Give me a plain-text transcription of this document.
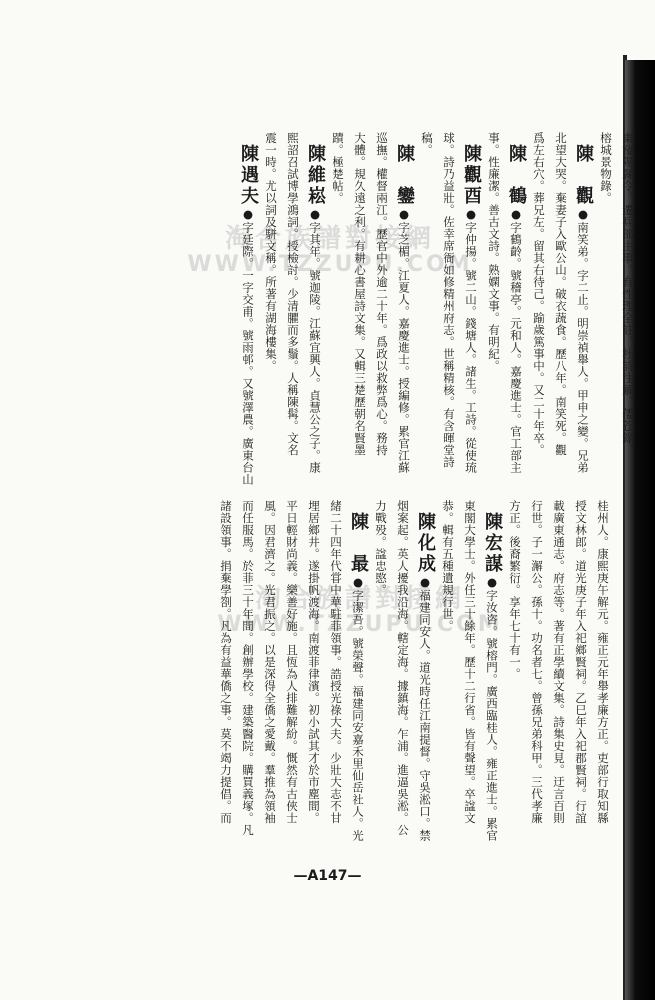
東𥨍陽縣令。遷兵部主事。有性理全註、杜詩注解、倭苍錄、
榕城景物錄。
陳　觀●南笑弟。字二止。明崇禎舉人。甲申之變。兄弟
北望大哭。棄妻子入歐公山。破衣蔬食。歷八年。南笑死。觀
爲左右穴。葬兄左。留其右待己。踰歲篤事中。又二十年卒。
陳　鶴●字鶴齡。號稽亭。元和人。嘉慶進士。官工部主
事。性廉潔。善古文詩。熟嫻文事。有明紀。
陳觀酉●字仲揚。號二山。錢塘人。諸生。工詩。從使琉
球。詩乃益壯。佐幸席衙如修精州府志。世稱精核。有含暉堂詩
稿。
陳　鑾●字芝楣。江夏人。嘉慶進士。授編修。累官江蘇
巡撫。權督兩江。歷官中外逾二十年。爲政以救弊爲心。務持
大體。規久遠之利。有耕心書屋詩文集。又輯三楚歷朝名賢墨
蹟。極楚帖。
陳維崧●字其年。號迦陵。江蘇宜興人。貞慧公之子。康
熙詔召試博學鴻詞。授檢討。少清臞而多鬚。人稱陳髯。文名
震一時。尤以詞及駢文稱。所著有湖海樓集。
陳遇夫●字廷際。一字交甫。號雨邨。又號澤農。廣東台山
桂州人。康熙庚午解元。雍正元年舉孝廉方正。吏部行取知縣
授文林郎。道光庚子年入祀鄉賢祠。乙巳年入祀郡賢祠。行誼
載廣東通志。府志等。著有正學續文集。詩集史見。迂言百則
行世。子一澥公。孫十。功名者七。曾孫兄弟科甲。三代孝廉
方正。後裔繁衍。享年七十有一。
陳宏謀●字汝咨。號榕門。廣西臨桂人。雍正進士。累官
東閣大學士。外任三十餘年。歷十二行省。皆有聲望。卒諡文
恭。輯有五種遺規行世。
陳化成●福建同安人。道光時任江南提督。守吳淞口。禁
烟案起。英人擾我沿海。轄定海。據鎮海。乍浦。進逼吳淞。公
力戰殁。諡忠愍。
陳　最●字潔吾。號榮聲。福建同安嘉禾里仙岳社人。光
緒二十四年代甞中華駐菲領事。誥授光祿大夫。少壯大志不甘
埋居鄉井。遂掛帆渡海。南渡菲律濱。初小試其才於市塵間。
平日輕財尚義。樂善好施。且恆為人排難解紛。慨然有古俠士
風。因君濟之。光君振之。以是深得全僑之愛戴。羣推為領袖
而任服馬。於菲三十年間。創辦學校。建築醫院。購買義塚。凡
諸設領事。捐棄學劄。凡為有益華僑之事。莫不竭力提倡。而
—A147—
